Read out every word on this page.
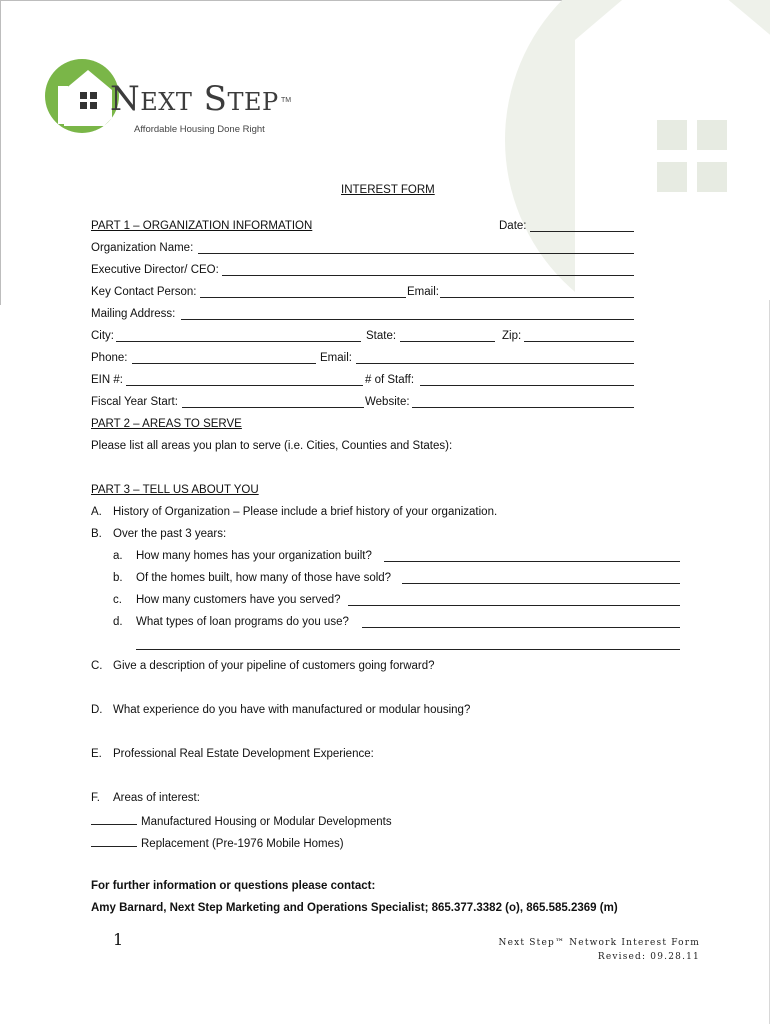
Next Step TM
Affordable Housing Done Right
INTEREST FORM
PART 1 – ORGANIZATION INFORMATION	Date:
Organization Name:
Executive Director/ CEO:
Key Contact Person:	Email:
Mailing Address:
City:	State:	Zip:
Phone:	Email:
EIN #:	# of Staff:
Fiscal Year Start:	Website:
PART 2 – AREAS TO SERVE
Please list all areas you plan to serve (i.e. Cities, Counties and States):
PART 3 – TELL US ABOUT YOU
A. History of Organization – Please include a brief history of your organization.
B. Over the past 3 years:
a. How many homes has your organization built?
b. Of the homes built, how many of those have sold?
c. How many customers have you served?
d. What types of loan programs do you use?
C. Give a description of your pipeline of customers going forward?
D. What experience do you have with manufactured or modular housing?
E. Professional Real Estate Development Experience:
F. Areas of interest:
Manufactured Housing or Modular Developments
Replacement (Pre-1976 Mobile Homes)
For further information or questions please contact:
Amy Barnard, Next Step Marketing and Operations Specialist; 865.377.3382 (o), 865.585.2369 (m)
1	Next Step™ Network Interest Form
Revised: 09.28.11
